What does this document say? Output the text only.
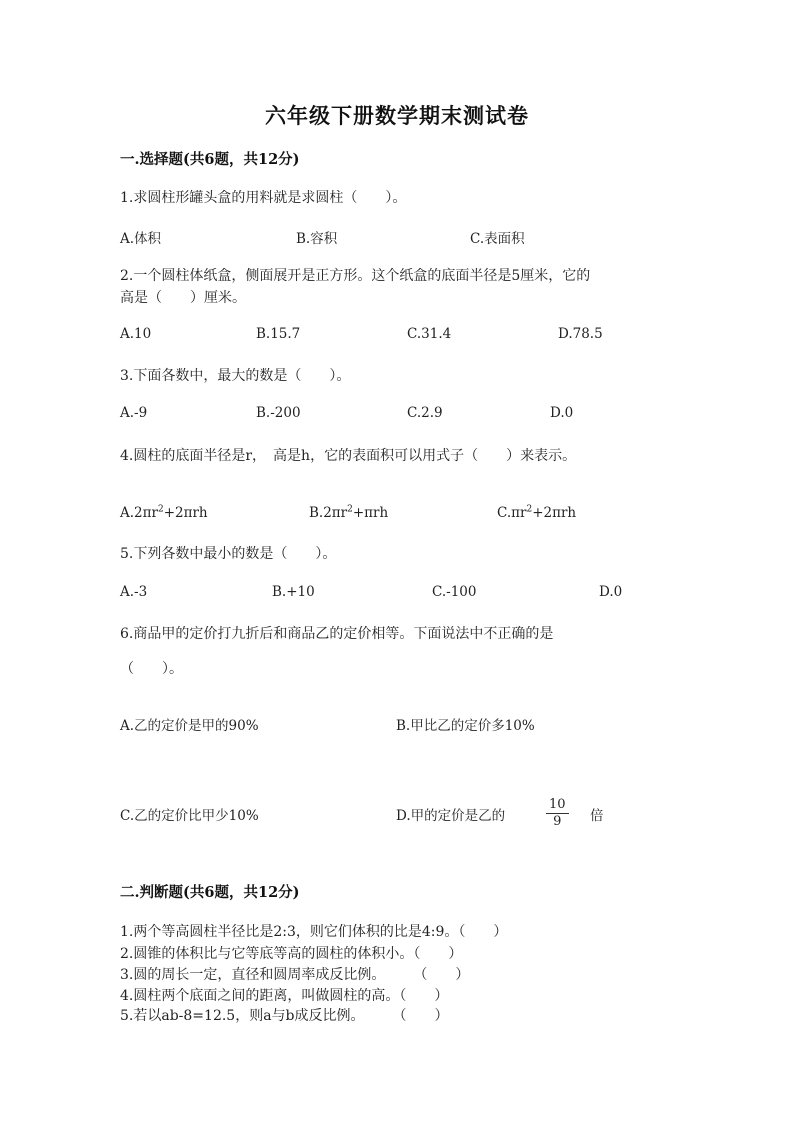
六年级下册数学期末测试卷
一.选择题(共6题，共12分)
1.求圆柱形罐头盒的用料就是求圆柱（　　）。
A.体积	B.容积	C.表面积
2.一个圆柱体纸盒，侧面展开是正方形。这个纸盒的底面半径是5厘米，它的
高是（　　）厘米。
A.10	B.15.7	C.31.4	D.78.5
3.下面各数中，最大的数是（　　）。
A.-9	B.-200	C.2.9	D.0
4.圆柱的底面半径是r，　高是h，它的表面积可以用式子（　　）来表示。
$A.2\pi r^2+2\pi rh$	$B.2\pi r^2+\pi rh$	$C.\pi r^2+2\pi rh$
5.下列各数中最小的数是（　　）。
A.-3	B.+10	C.-100	D.0
6.商品甲的定价打九折后和商品乙的定价相等。下面说法中不正确的是
（　　）。
A.乙的定价是甲的90%	B.甲比乙的定价多10%
C.乙的定价比甲少10%	D.甲的定价是乙的	$\frac{10}{9}$ 倍
二.判断题(共6题，共12分)
1.两个等高圆柱半径比是2:3，则它们体积的比是4:9。（　　）
2.圆锥的体积比与它等底等高的圆柱的体积小。（　　）
3.圆的周长一定，直径和圆周率成反比例。　　　（　　）
4.圆柱两个底面之间的距离，叫做圆柱的高。（　　）
5.若以ab-8=12.5，则a与b成反比例。　　　（　　）
